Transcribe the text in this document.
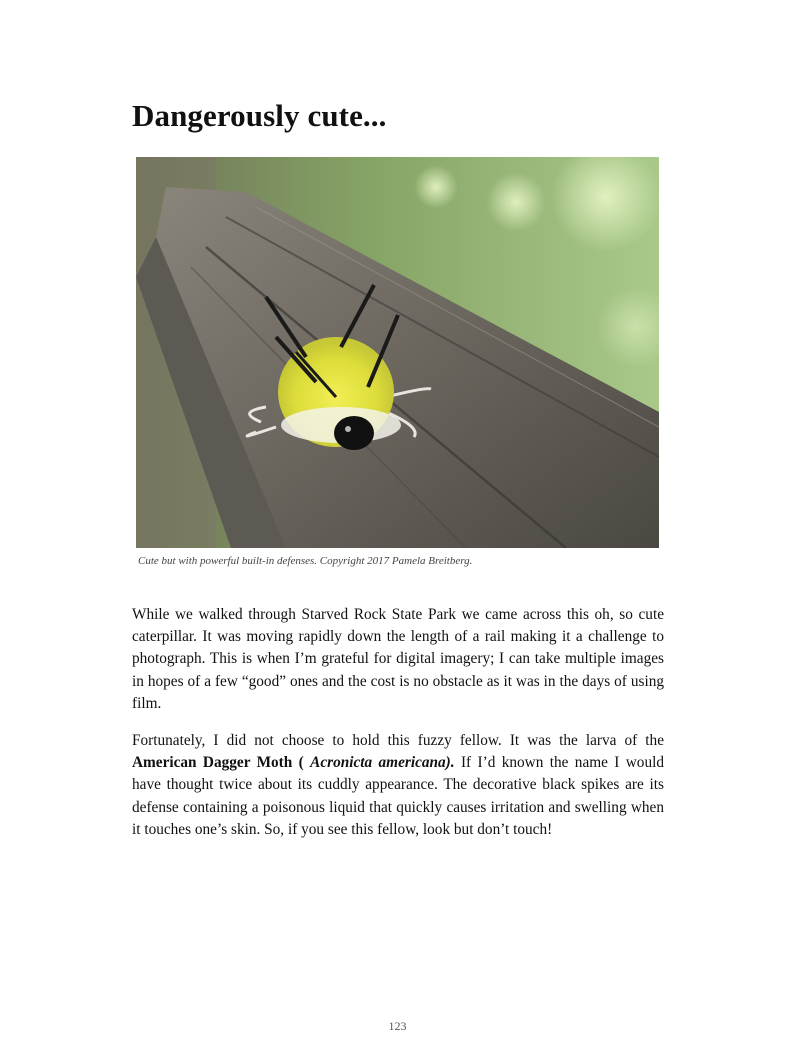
Dangerously cute...
Cute but with powerful built-in defenses. Copyright 2017 Pamela Breitberg.

While we walked through Starved Rock State Park we came across this oh, so cute caterpillar. It was moving rapidly down the length of a rail making it a challenge to photograph. This is when I’m grateful for digital imagery; I can take multiple images in hopes of a few “good” ones and the cost is no obstacle as it was in the days of using film.

Fortunately, I did not choose to hold this fuzzy fellow. It was the larva of the American Dagger Moth ( Acronicta americana). If I’d known the name I would have thought twice about its cuddly appearance. The decorative black spikes are its defense containing a poisonous liquid that quickly causes irritation and swelling when it touches one’s skin. So, if you see this fellow, look but don’t touch!

123
